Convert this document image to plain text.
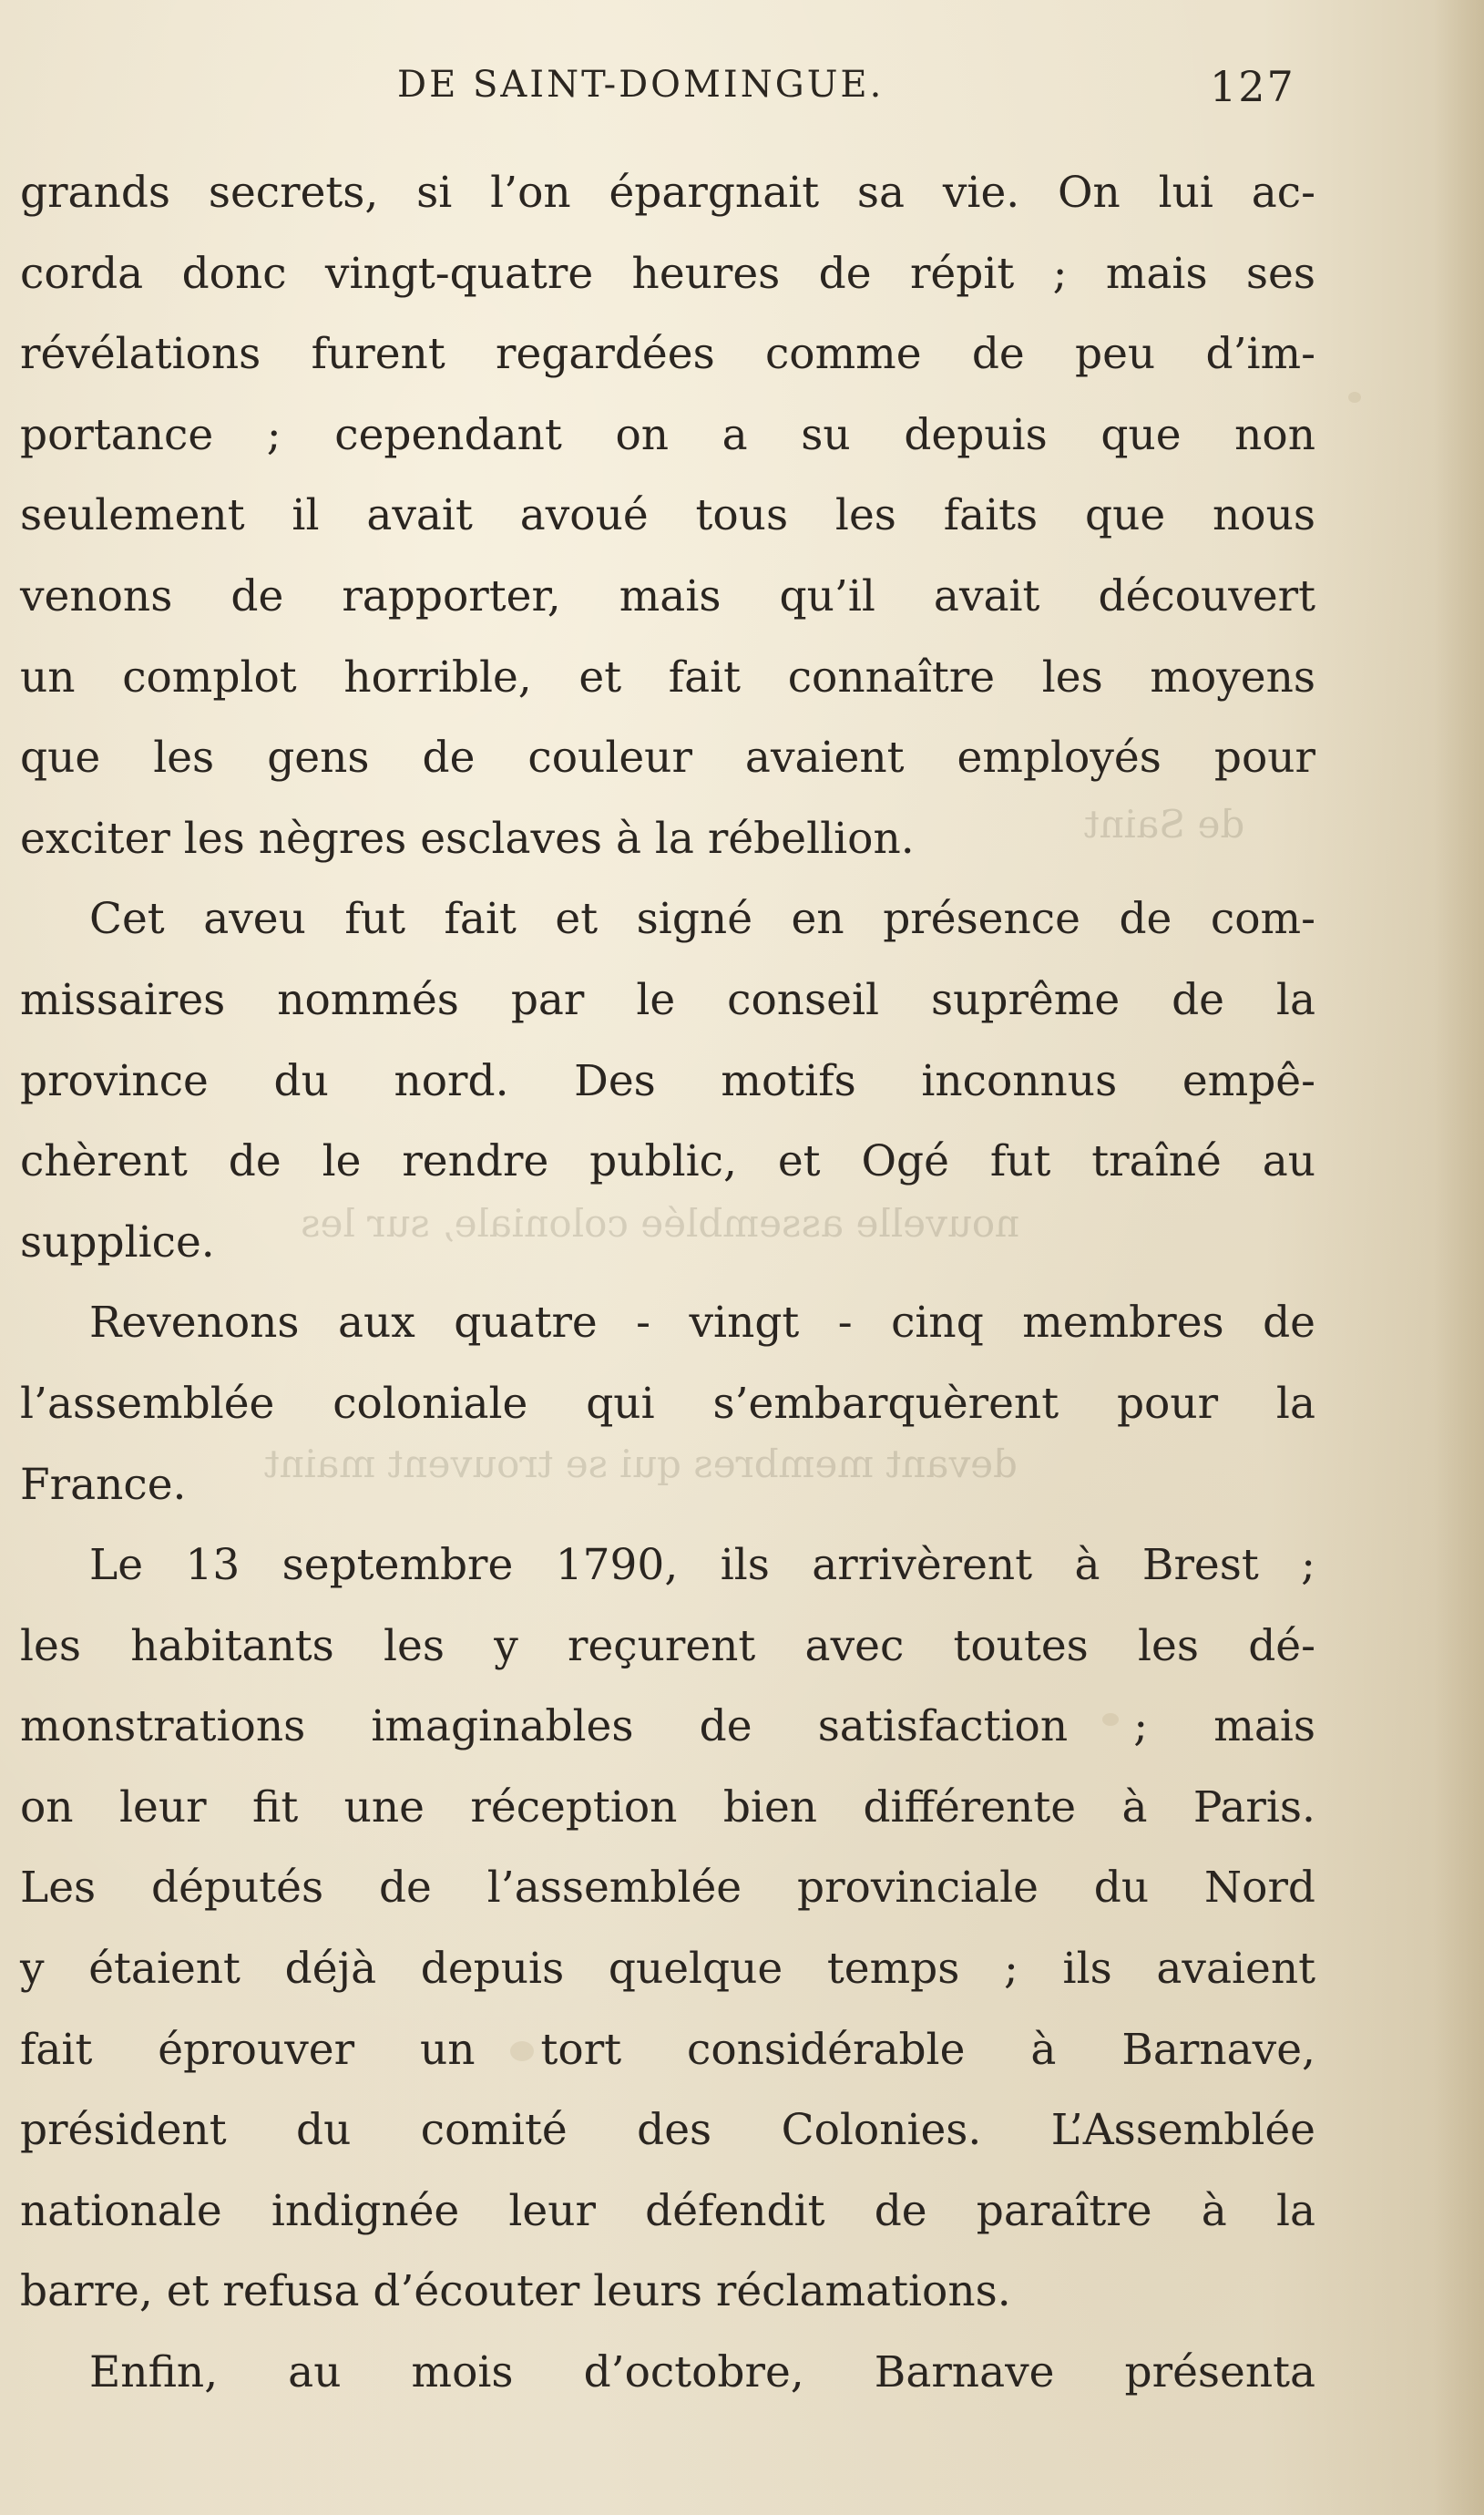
de Saint
nouvelle assemblée coloniale, sur les
devant membres qui se trouvent maint
DE SAINT-DOMINGUE.	127
grands secrets, si l’on épargnait sa vie. On lui ac-
corda donc vingt-quatre heures de répit ; mais ses
révélations furent regardées comme de peu d’im-
portance ; cependant on a su depuis que non
seulement il avait avoué tous les faits que nous
venons de rapporter, mais qu’il avait découvert
un complot horrible, et fait connaître les moyens
que les gens de couleur avaient employés pour
exciter les nègres esclaves à la rébellion.
Cet aveu fut fait et signé en présence de com-
missaires nommés par le conseil suprême de la
province du nord. Des motifs inconnus empê-
chèrent de le rendre public, et Ogé fut traîné au
supplice.
Revenons aux quatre - vingt - cinq membres de
l’assemblée coloniale qui s’embarquèrent pour la
France.
Le 13 septembre 1790, ils arrivèrent à Brest ;
les habitants les y reçurent avec toutes les dé-
monstrations imaginables de satisfaction ; mais
on leur fit une réception bien différente à Paris.
Les députés de l’assemblée provinciale du Nord
y étaient déjà depuis quelque temps ; ils avaient
fait éprouver un tort considérable à Barnave,
président du comité des Colonies. L’Assemblée
nationale indignée leur défendit de paraître à la
barre, et refusa d’écouter leurs réclamations.
Enfin, au mois d’octobre, Barnave présenta
